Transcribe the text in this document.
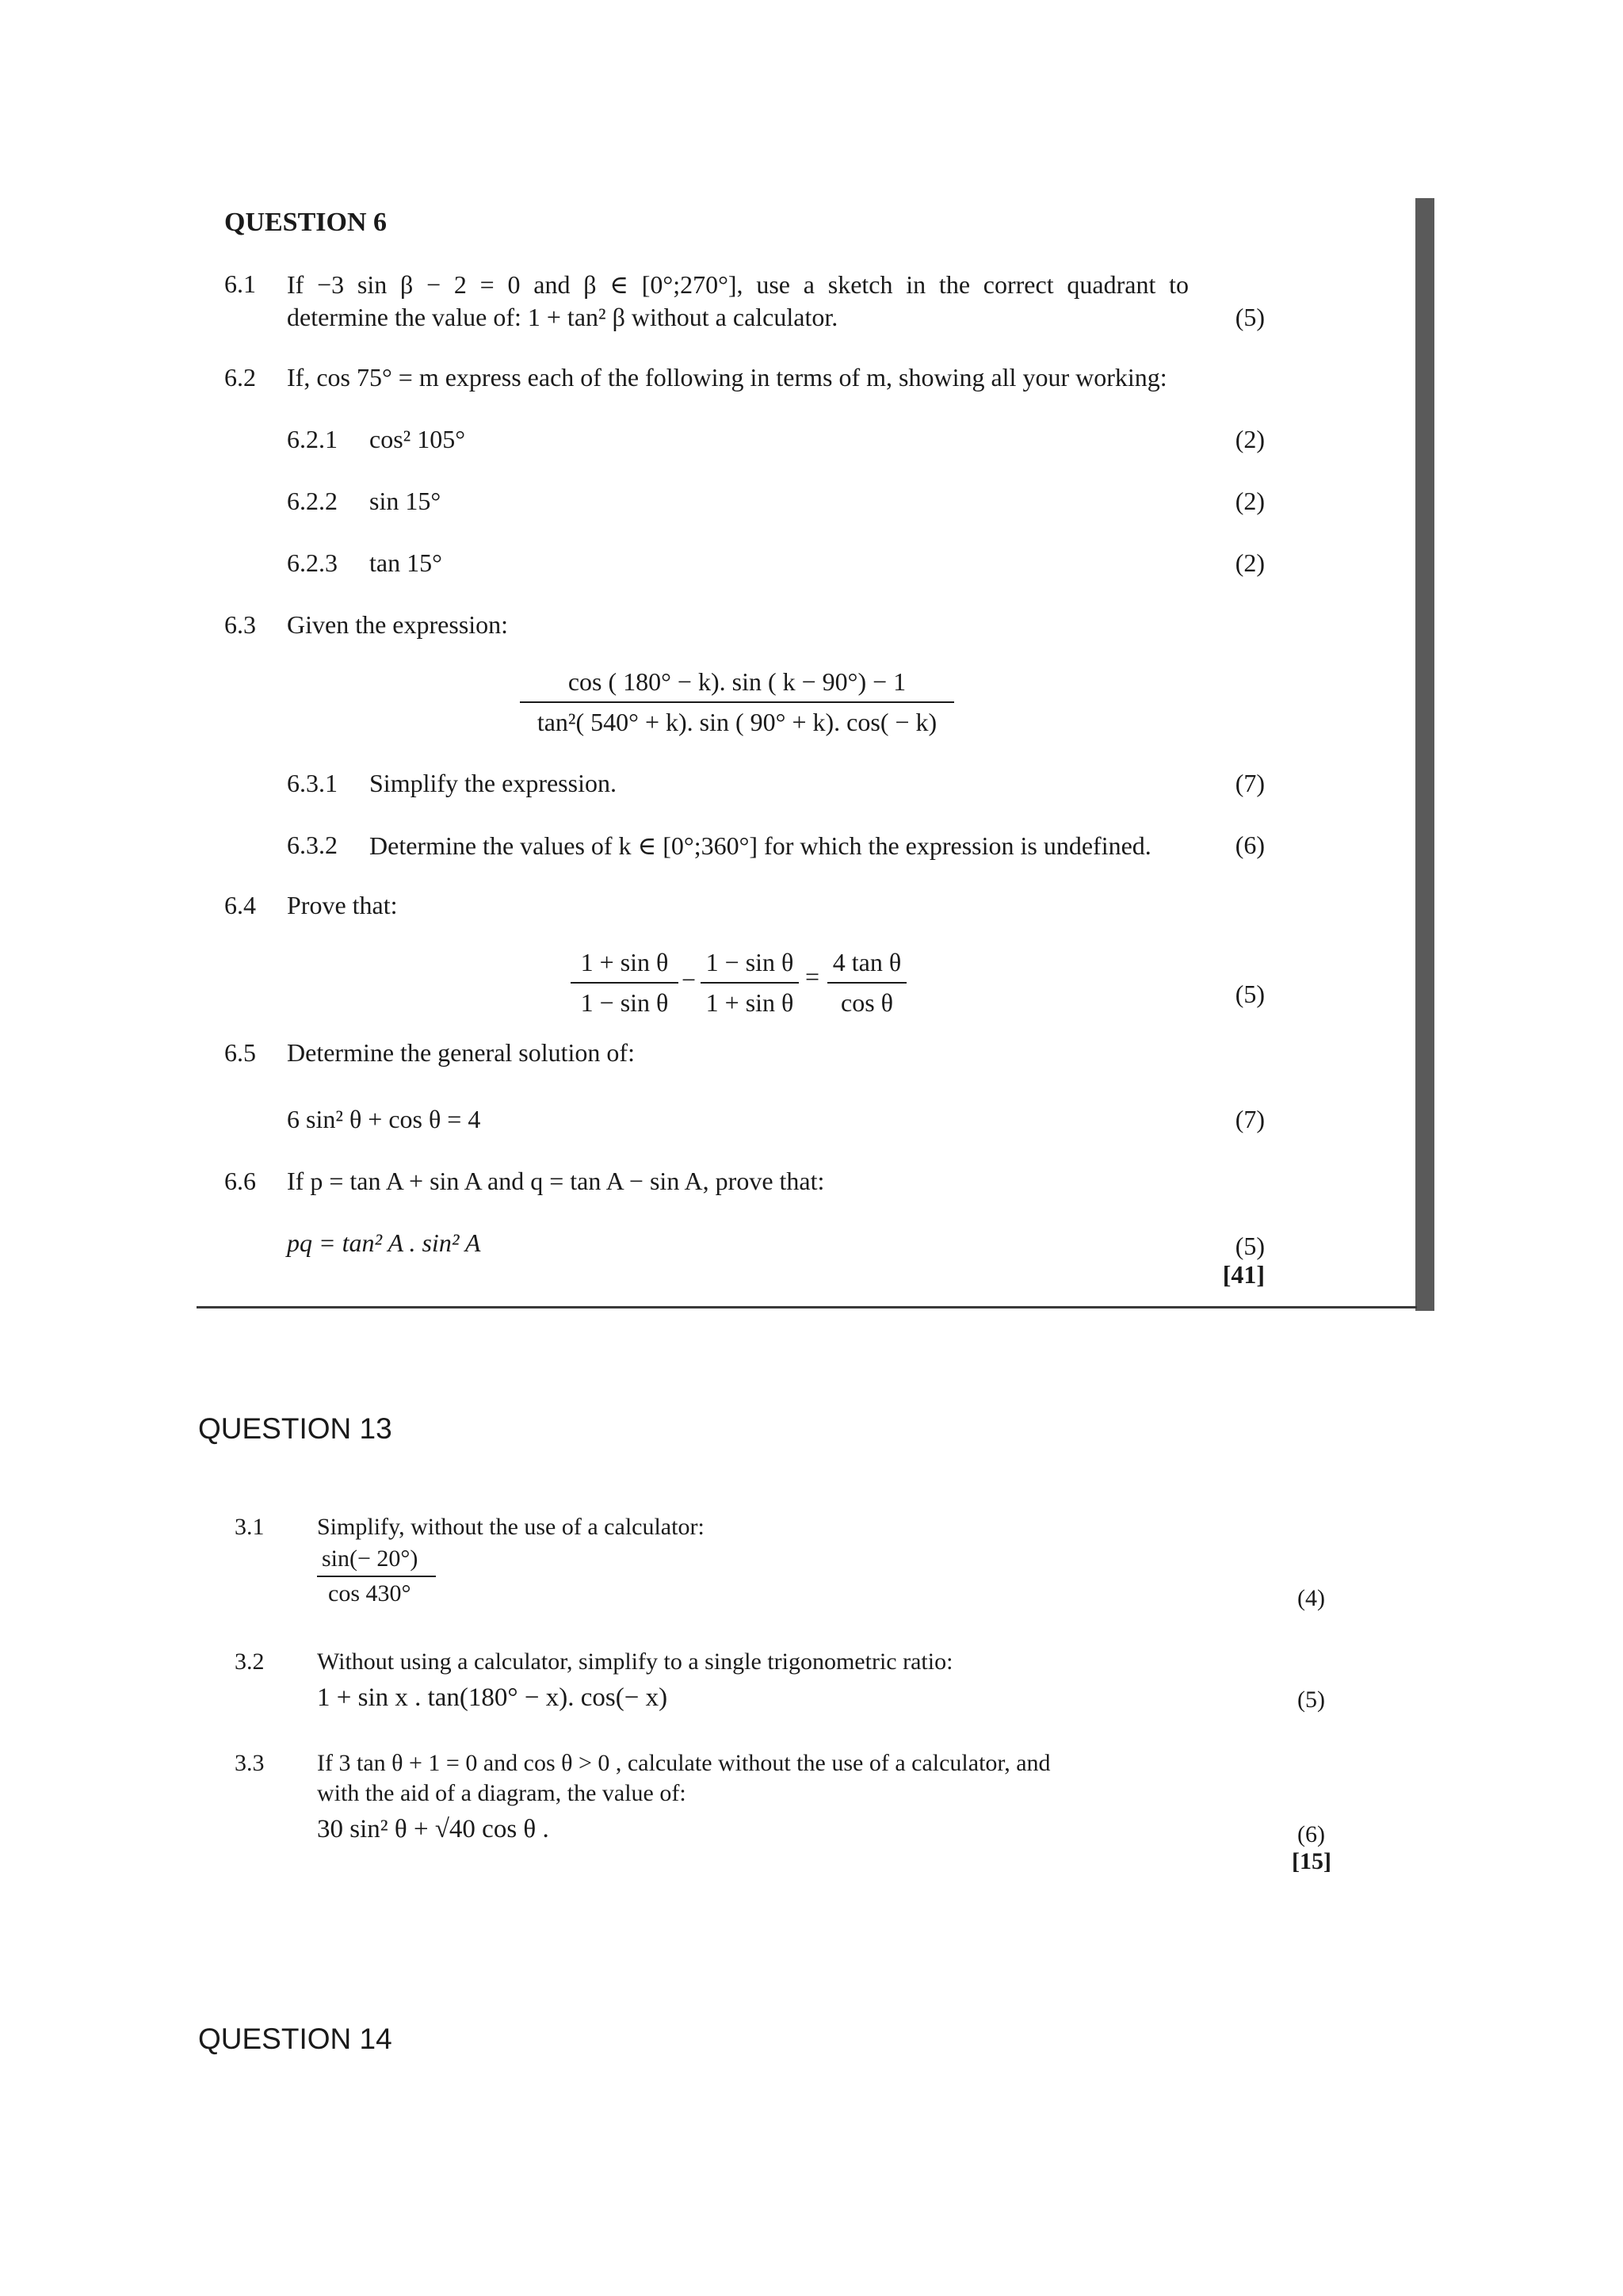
QUESTION 6
6.1 If −3 sin β − 2 = 0 and β ∈ [0°;270°], use a sketch in the correct quadrant to
determine the value of: 1 + tan² β without a calculator.	(5)
6.2 If, cos 75° = m express each of the following in terms of m, showing all your working:
6.2.1 cos² 105°	(2)
6.2.2 sin 15°	(2)
6.2.3 tan 15°	(2)
6.3 Given the expression:
cos ( 180° − k). sin ( k − 90°) − 1
tan²( 540° + k). sin ( 90° + k). cos( − k)
6.3.1 Simplify the expression.	(7)
6.3.2 Determine the values of k ∈ [0°;360°] for which the expression is undefined.	(6)
6.4 Prove that:
1 + sin θ
1 − sin θ
−
1 − sin θ
1 + sin θ
= 4 tan θ
cos θ	(5)
6.5 Determine the general solution of:
6 sin² θ + cos θ = 4	(7)
6.6 If p = tan A + sin A and q = tan A − sin A, prove that:
pq = tan² A . sin² A	(5)
[41]
QUESTION 13
3.1 Simplify, without the use of a calculator:
sin(− 20°)
cos 430°	(4)
3.2 Without using a calculator, simplify to a single trigonometric ratio:
1 + sin x . tan(180° − x). cos(− x)	(5)
3.3 If 3 tan θ + 1 = 0 and cos θ > 0 , calculate without the use of a calculator, and
with the aid of a diagram, the value of:
30 sin² θ + √40 cos θ .	(6)
[15]
QUESTION 14
